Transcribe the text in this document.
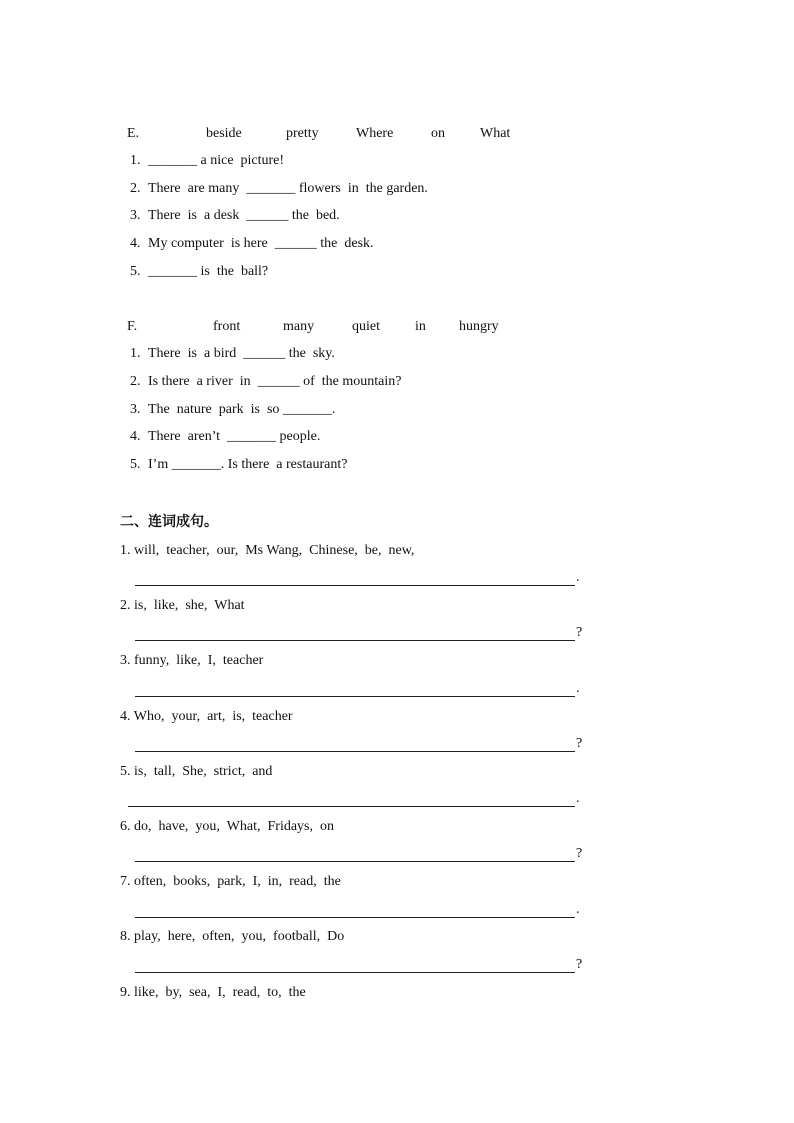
E.	beside	pretty	Where	on	What
1. _______ a nice  picture!
2. There  are many  _______ flowers  in  the garden.
3. There  is  a desk  ______ the  bed.
4. My computer  is here  ______ the  desk.
5. _______ is  the  ball?
F.	front	many	quiet	in hungry
1. There  is  a bird  ______ the  sky.
2. Is there  a river  in  ______ of  the mountain?
3. The  nature  park  is  so _______.
4. There  aren’t  _______ people.
5. I’m _______. Is there  a restaurant?
二、连词成句。
1. will,  teacher,  our,  Ms Wang,  Chinese,  be,  new,
.
2. is,  like,  she,  What
?
3. funny,  like,  I,  teacher
.
4. Who,  your,  art,  is,  teacher
?
5. is,  tall,  She,  strict,  and
.
6. do,  have,  you,  What,  Fridays,  on
?
7. often,  books,  park,  I,  in,  read,  the
.
8. play,  here,  often,  you,  football,  Do
?
9. like,  by,  sea,  I,  read,  to,  the
